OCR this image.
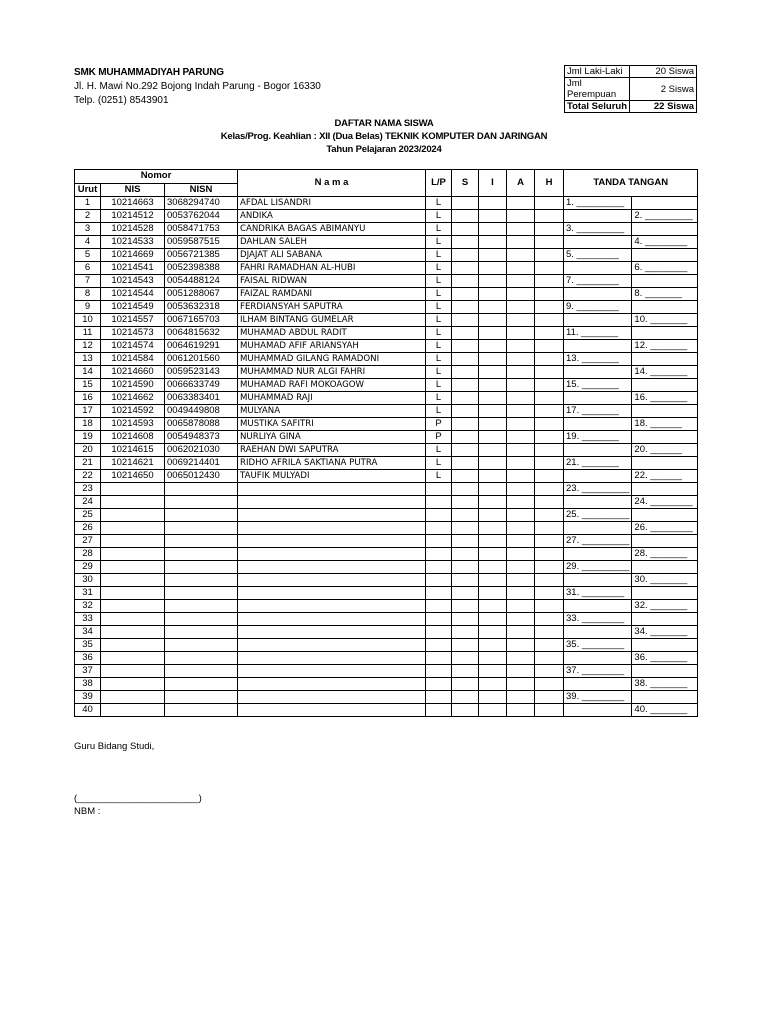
SMK MUHAMMADIYAH PARUNG
Jl. H. Mawi No.292 Bojong Indah Parung - Bogor 16330
Telp. (0251) 8543901
Jml Laki-Laki	20 Siswa
Jml Perempuan	2 Siswa
Total Seluruh	22 Siswa
DAFTAR NAMA SISWA
Kelas/Prog. Keahlian : XII (Dua Belas) TEKNIK KOMPUTER DAN JARINGAN
Tahun Pelajaran 2023/2024
Nomor			N a m a	L/P	S	I	A	H	TANDA TANGAN	
Urut	NIS	NISN								
1	10214663	3068294740	AFDAL LISANDRI	L					1. _________	
2	10214512	0053762044	ANDIKA	L						2. _________
3	10214528	0058471753	CANDRIKA BAGAS ABIMANYU	L					3. _________	
4	10214533	0059587515	DAHLAN SALEH	L						4. ________
5	10214669	0056721385	DJAJAT ALI SABANA	L					5. ________	
6	10214541	0052398388	FAHRI RAMADHAN AL-HUBI	L						6. ________
7	10214543	0054488124	FAISAL RIDWAN	L					7. ________	
8	10214544	0051288067	FAIZAL RAMDANI	L						8. _______
9	10214549	0053632318	FERDIANSYAH SAPUTRA	L					9. ________	
10	10214557	0067165703	ILHAM BINTANG GUMELAR	L						10. _______
11	10214573	0064815632	MUHAMAD ABDUL RADIT	L					11. _______	
12	10214574	0064619291	MUHAMAD AFIF ARIANSYAH	L						12. _______
13	10214584	0061201560	MUHAMMAD GILANG RAMADONI	L					13. _______	
14	10214660	0059523143	MUHAMMAD NUR ALGI FAHRI	L						14. _______
15	10214590	0066633749	MUHAMAD RAFI MOKOAGOW	L					15. _______	
16	10214662	0063383401	MUHAMMAD RAJI	L						16. _______
17	10214592	0049449808	MULYANA	L					17. _______	
18	10214593	0065878088	MUSTIKA SAFITRI	P						18. ______
19	10214608	0054948373	NURLIYA GINA	P					19. _______	
20	10214615	0062021030	RAEHAN DWI SAPUTRA	L						20. ______
21	10214621	0069214401	RIDHO AFRILA SAKTIANA PUTRA	L					21. _______	
22	10214650	0065012430	TAUFIK MULYADI	L						22. ______
23									23. _________	
24										24. ________
25									25. _________	
26										26. ________
27									27. _________	
28										28. _______
29									29. _________	
30										30. _______
31									31. ________	
32										32. _______
33									33. ________	
34										34. _______
35									35. ________	
36										36. _______
37									37. ________	
38										38. _______
39									39. ________	
40										40. _______
Guru Bidang Studi,
(_______________________)
NBM :
